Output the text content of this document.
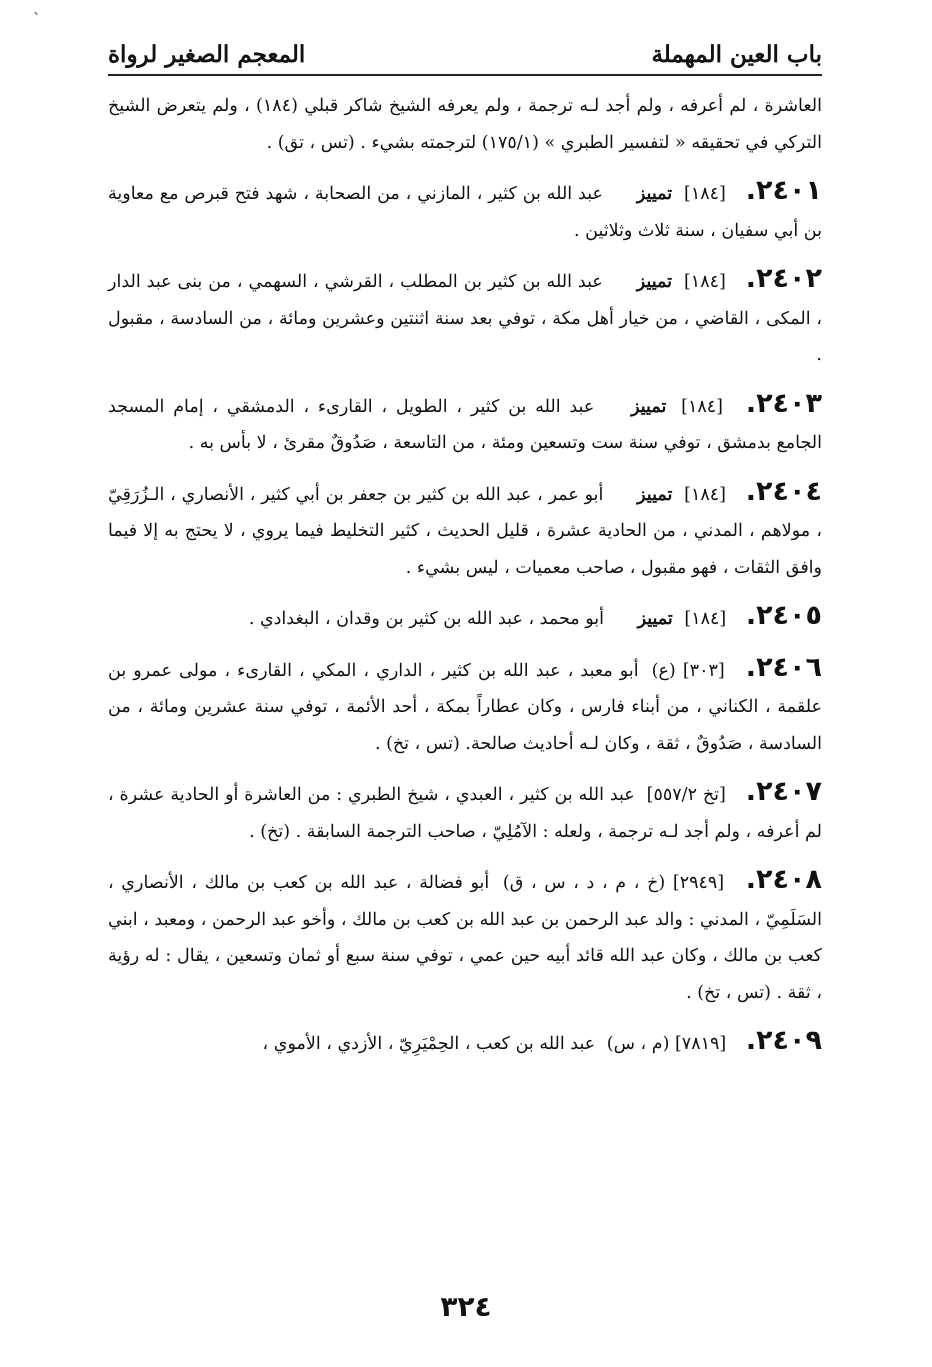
`
باب العين المهملة
المعجم الصغير لرواة

العاشرة ، لم أعرفه ، ولم أجد لـه ترجمة ، ولم يعرفه الشيخ شاكر قبلي (١٨٤) ، ولم يتعرض الشيخ التركي في تحقيقه « لتفسير الطبري » (١٧٥/١) لترجمته بشيء . (تس ، تق) .

٢٤٠١. [١٨٤] تمييز عبد الله بن كثير ، المازني ، من الصحابة ، شهد فتح قبرص مع معاوية بن أبي سفيان ، سنة ثلاث وثلاثين .

٢٤٠٢. [١٨٤] تمييز عبد الله بن كثير بن المطلب ، القرشي ، السهمي ، من بنى عبد الدار ، المكى ، القاضي ، من خيار أهل مكة ، توفي بعد سنة اثنتين وعشرين ومائة ، من السادسة ، مقبول .

٢٤٠٣. [١٨٤] تمييز عبد الله بن كثير ، الطويل ، القارىء ، الدمشقي ، إمام المسجد الجامع بدمشق ، توفي سنة ست وتسعين ومئة ، من التاسعة ، صَدُوقٌ مقرئ ، لا بأس به .

٢٤٠٤. [١٨٤] تمييز أبو عمر ، عبد الله بن كثير بن جعفر بن أبي كثير ، الأنصاري ، الـزُرَقِيّ ، مولاهم ، المدني ، من الحادية عشرة ، قليل الحديث ، كثير التخليط فيما يروي ، لا يحتج به إلا فيما وافق الثقات ، فهو مقبول ، صاحب معميات ، ليس بشيء .

٢٤٠٥. [١٨٤] تمييز أبو محمد ، عبد الله بن كثير بن وقدان ، البغدادي .

٢٤٠٦. [٣٠٣] (ع) أبو معبد ، عبد الله بن كثير ، الداري ، المكي ، القارىء ، مولى عمرو بن علقمة ، الكناني ، من أبناء فارس ، وكان عطاراً بمكة ، أحد الأئمة ، توفي سنة عشرين ومائة ، من السادسة ، صَدُوقٌ ، ثقة ، وكان لـه أحاديث صالحة. (تس ، تخ) .

٢٤٠٧. [تخ ٥٥٧/٢] عبد الله بن كثير ، العبدي ، شيخ الطبري : من العاشرة أو الحادية عشرة ، لم أعرفه ، ولم أجد لـه ترجمة ، ولعله : الآمُلِيّ ، صاحب الترجمة السابقة . (تخ) .

٢٤٠٨. [٢٩٤٩] (خ ، م ، د ، س ، ق) أبو فضالة ، عبد الله بن كعب بن مالك ، الأنصاري ، السَلَمِيّ ، المدني : والد عبد الرحمن بن عبد الله بن كعب بن مالك ، وأخو عبد الرحمن ، ومعبد ، ابني كعب بن مالك ، وكان عبد الله قائد أبيه حين عمي ، توفي سنة سبع أو ثمان وتسعين ، يقال : له رؤية ، ثقة . (تس ، تخ) .

٢٤٠٩. [٧٨١٩] (م ، س) عبد الله بن كعب ، الحِمْيَرِيّ ، الأزدي ، الأموي ،

٣٢٤
